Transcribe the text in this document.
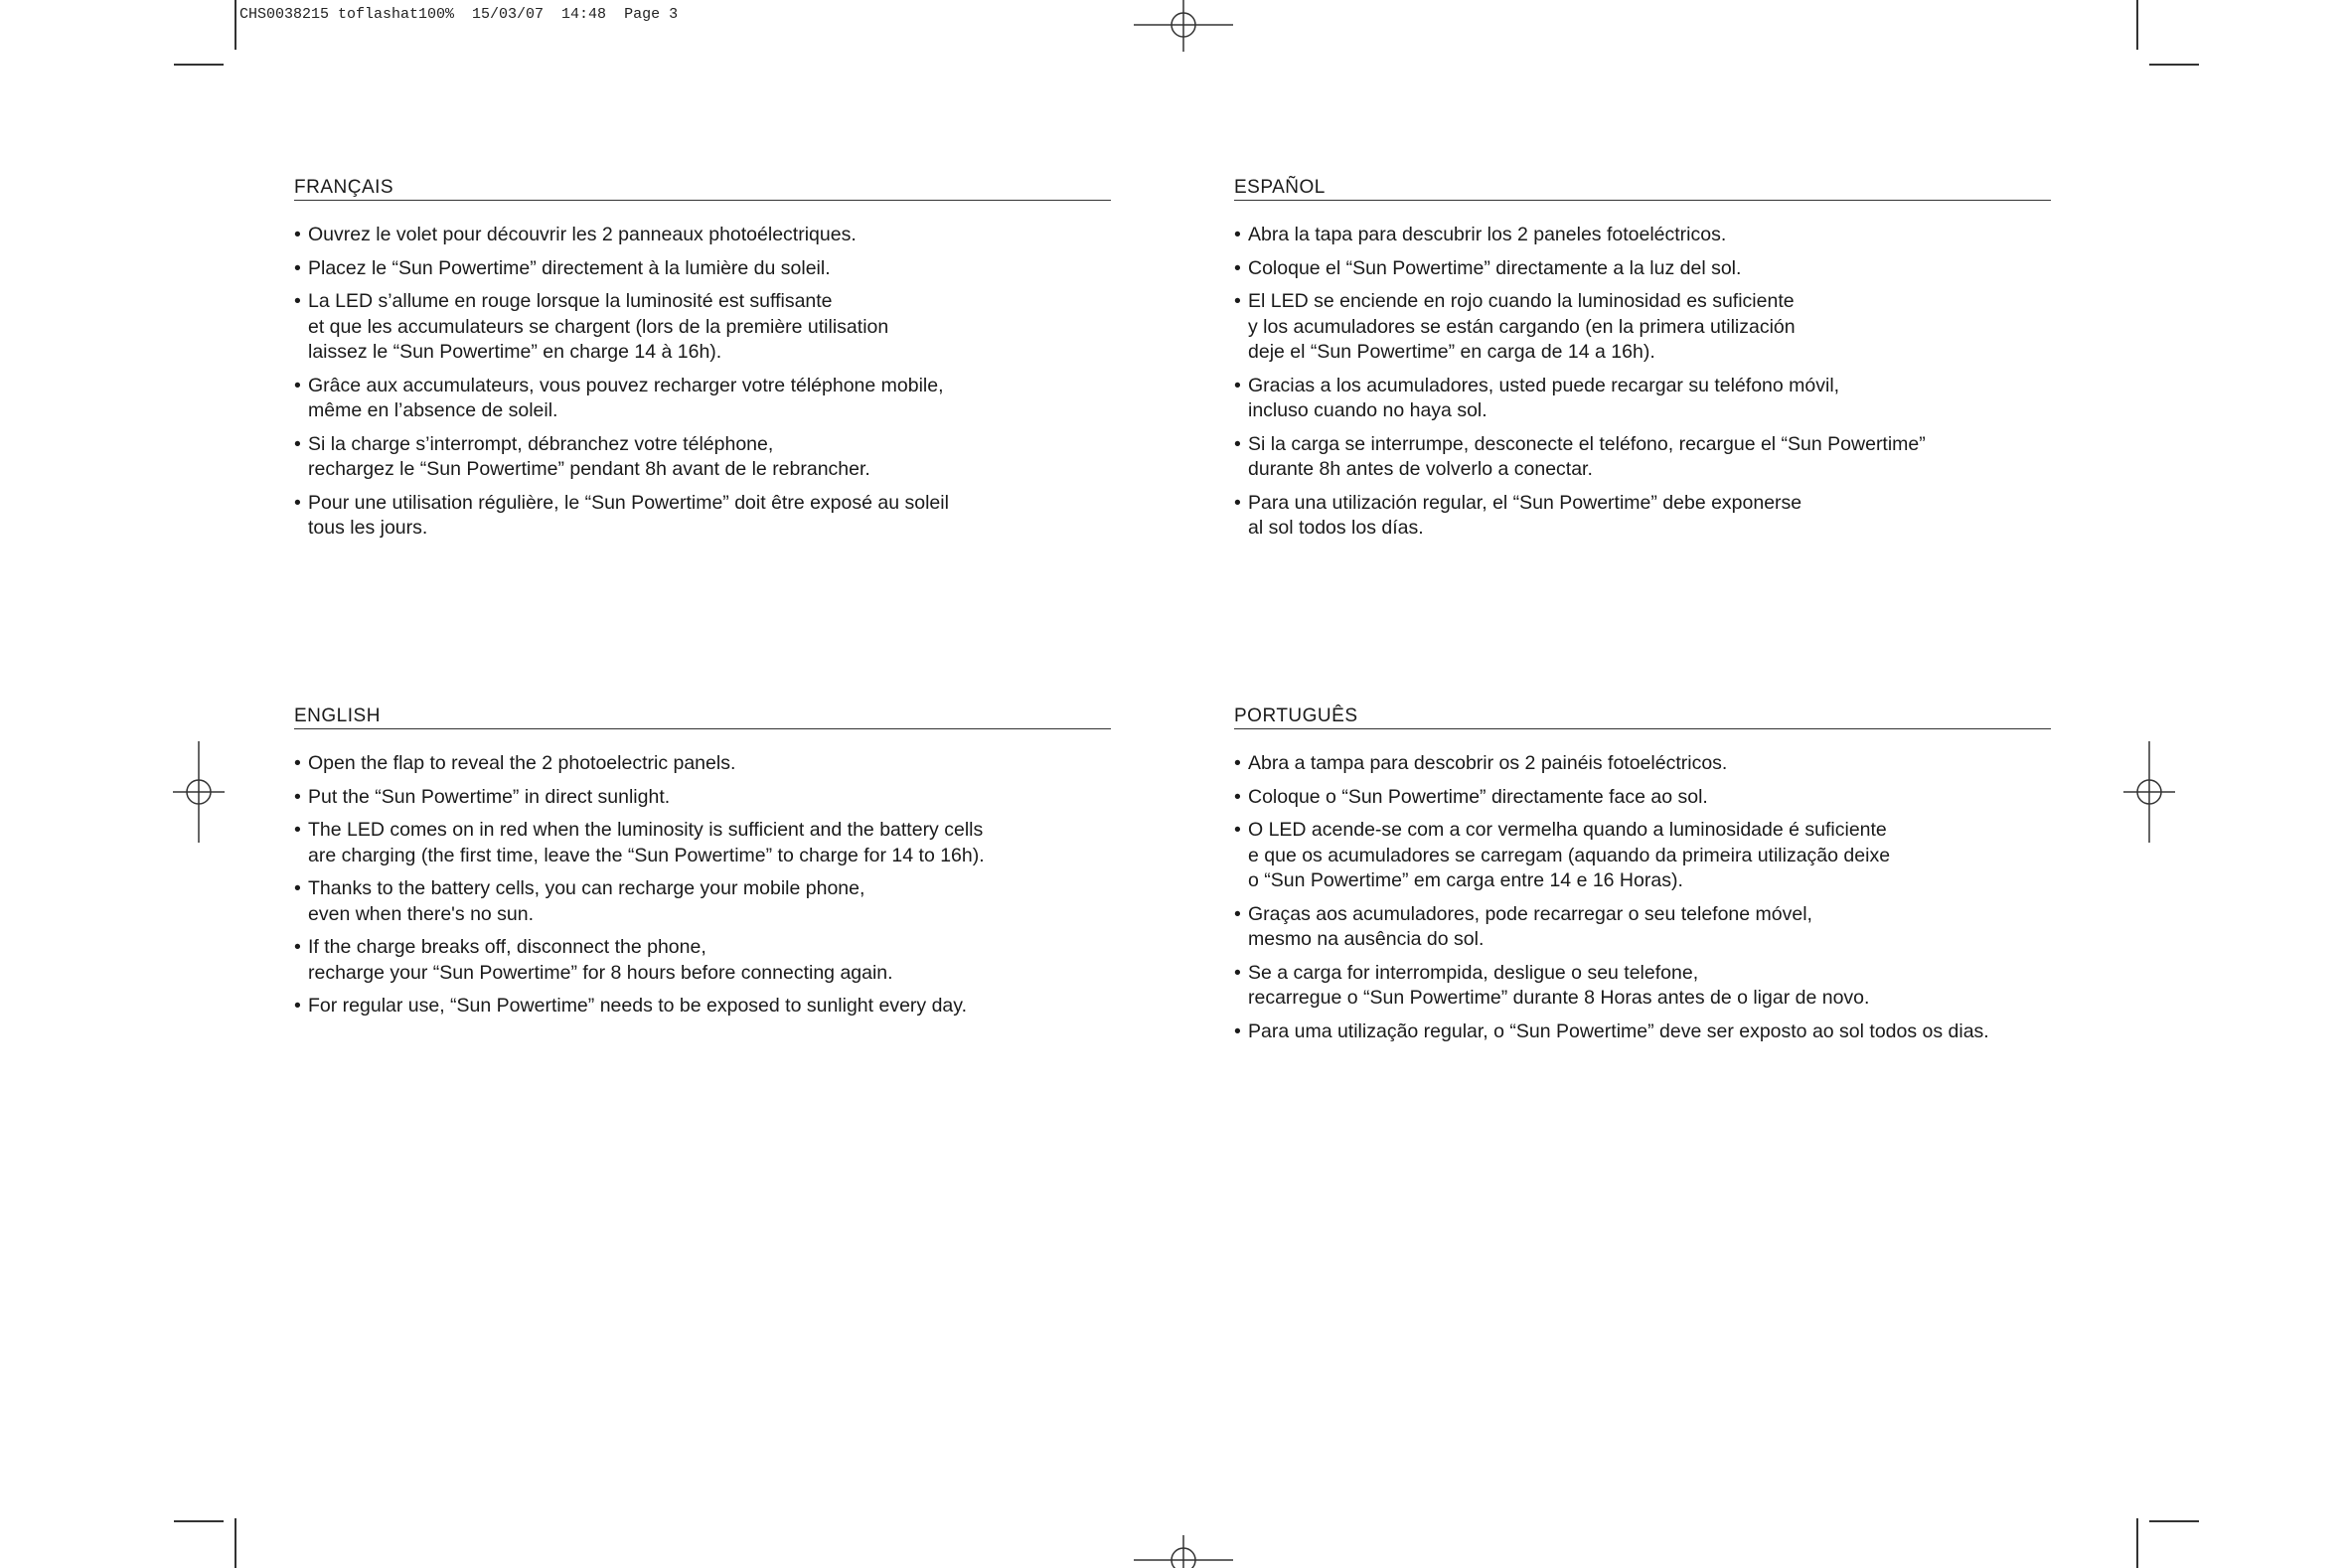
CHS0038215 toflashat100%  15/03/07  14:48  Page 3
FRANÇAIS
• Ouvrez le volet pour découvrir les 2 panneaux photoélectriques.
• Placez le “Sun Powertime” directement à la lumière du soleil.
• La LED s’allume en rouge lorsque la luminosité est suffisante
et que les accumulateurs se chargent (lors de la première utilisation
laissez le “Sun Powertime” en charge 14 à 16h).
• Grâce aux accumulateurs, vous pouvez recharger votre téléphone mobile,
même en l’absence de soleil.
• Si la charge s’interrompt, débranchez votre téléphone,
rechargez le “Sun Powertime” pendant 8h avant de le rebrancher.
• Pour une utilisation régulière, le “Sun Powertime” doit être exposé au soleil
tous les jours.
ESPAÑOL
• Abra la tapa para descubrir los 2 paneles fotoeléctricos.
• Coloque el “Sun Powertime” directamente a la luz del sol.
• El LED se enciende en rojo cuando la luminosidad es suficiente
y los acumuladores se están cargando (en la primera utilización
deje el “Sun Powertime” en carga de 14 a 16h).
• Gracias a los acumuladores, usted puede recargar su teléfono móvil,
incluso cuando no haya sol.
• Si la carga se interrumpe, desconecte el teléfono, recargue el “Sun Powertime”
durante 8h antes de volverlo a conectar.
• Para una utilización regular, el “Sun Powertime” debe exponerse
al sol todos los días.
ENGLISH
• Open the flap to reveal the 2 photoelectric panels.
• Put the “Sun Powertime” in direct sunlight.
• The LED comes on in red when the luminosity is sufficient and the battery cells
are charging (the first time, leave the “Sun Powertime” to charge for 14 to 16h).
• Thanks to the battery cells, you can recharge your mobile phone,
even when there's no sun.
• If the charge breaks off, disconnect the phone,
recharge your “Sun Powertime” for 8 hours before connecting again.
• For regular use, “Sun Powertime” needs to be exposed to sunlight every day.
PORTUGUÊS
• Abra a tampa para descobrir os 2 painéis fotoeléctricos.
• Coloque o “Sun Powertime” directamente face ao sol.
• O LED acende-se com a cor vermelha quando a luminosidade é suficiente
e que os acumuladores se carregam (aquando da primeira utilização deixe
o “Sun Powertime” em carga entre 14 e 16 Horas).
• Graças aos acumuladores, pode recarregar o seu telefone móvel,
mesmo na ausência do sol.
• Se a carga for interrompida, desligue o seu telefone,
recarregue o “Sun Powertime” durante 8 Horas antes de o ligar de novo.
• Para uma utilização regular, o “Sun Powertime” deve ser exposto ao sol todos os dias.
